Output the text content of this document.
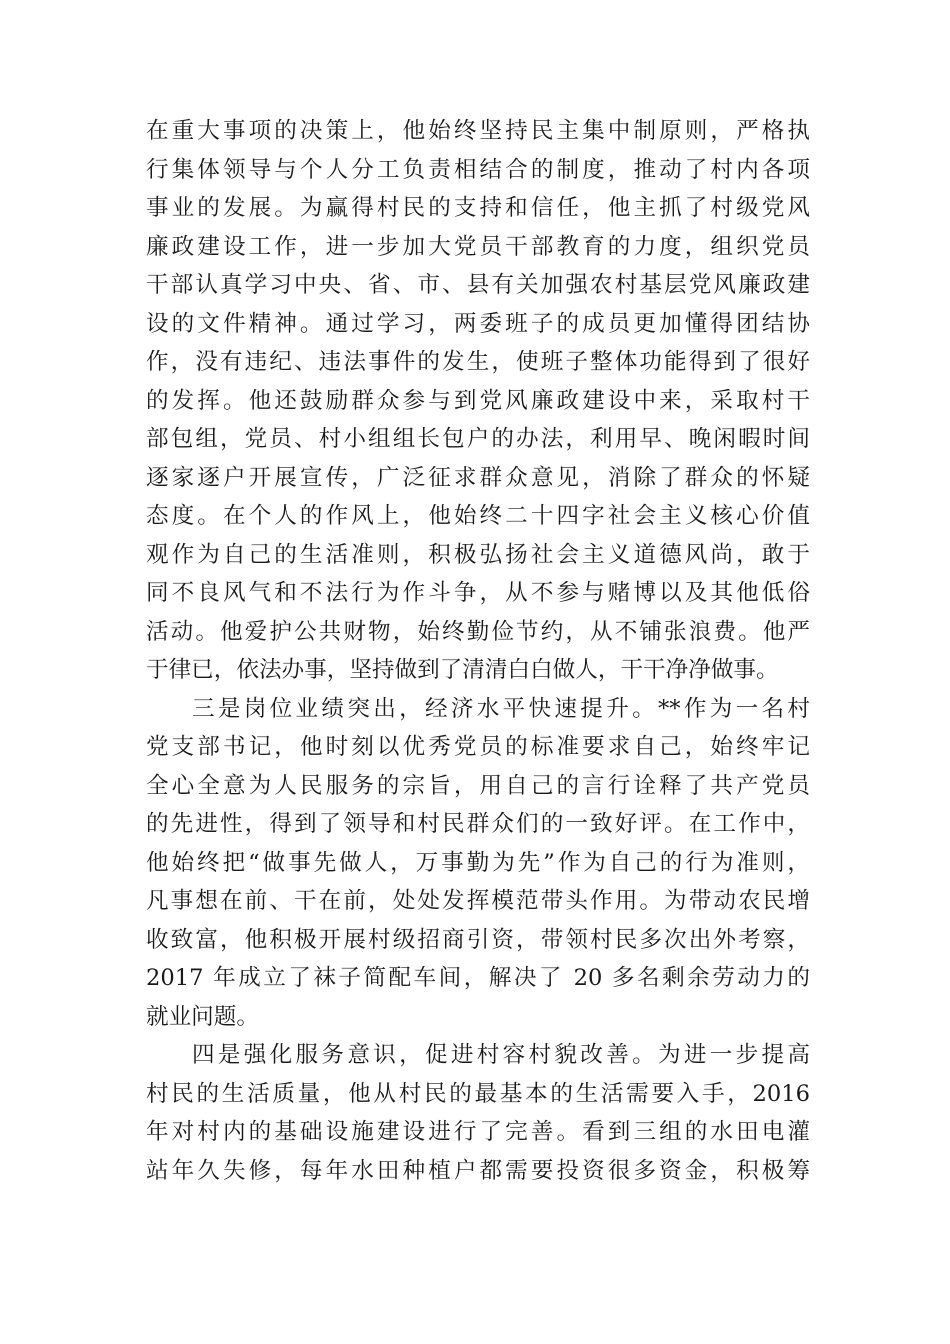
在重大事项的决策上，他始终坚持民主集中制原则，严格执
行集体领导与个人分工负责相结合的制度，推动了村内各项
事业的发展。为赢得村民的支持和信任，他主抓了村级党风
廉政建设工作，进一步加大党员干部教育的力度，组织党员
干部认真学习中央、省、市、县有关加强农村基层党风廉政建
设的文件精神。通过学习，两委班子的成员更加懂得团结协
作，没有违纪、违法事件的发生，使班子整体功能得到了很好
的发挥。他还鼓励群众参与到党风廉政建设中来，采取村干
部包组，党员、村小组组长包户的办法，利用早、晚闲暇时间
逐家逐户开展宣传，广泛征求群众意见，消除了群众的怀疑
态度。在个人的作风上，他始终二十四字社会主义核心价值
观作为自己的生活准则，积极弘扬社会主义道德风尚，敢于
同不良风气和不法行为作斗争，从不参与赌博以及其他低俗
活动。他爱护公共财物，始终勤俭节约，从不铺张浪费。他严
于律已，依法办事，坚持做到了清清白白做人，干干净净做事。
三是岗位业绩突出，经济水平快速提升。**作为一名村
党支部书记，他时刻以优秀党员的标准要求自己，始终牢记
全心全意为人民服务的宗旨，用自己的言行诠释了共产党员
的先进性，得到了领导和村民群众们的一致好评。在工作中，
他始终把“做事先做人，万事勤为先”作为自己的行为准则，
凡事想在前、干在前，处处发挥模范带头作用。为带动农民增
收致富，他积极开展村级招商引资，带领村民多次出外考察，
2017 年成立了袜子简配车间，解决了 20 多名剩余劳动力的
就业问题。
四是强化服务意识，促进村容村貌改善。为进一步提高
村民的生活质量，他从村民的最基本的生活需要入手，2016
年对村内的基础设施建设进行了完善。看到三组的水田电灌
站年久失修，每年水田种植户都需要投资很多资金，积极筹
